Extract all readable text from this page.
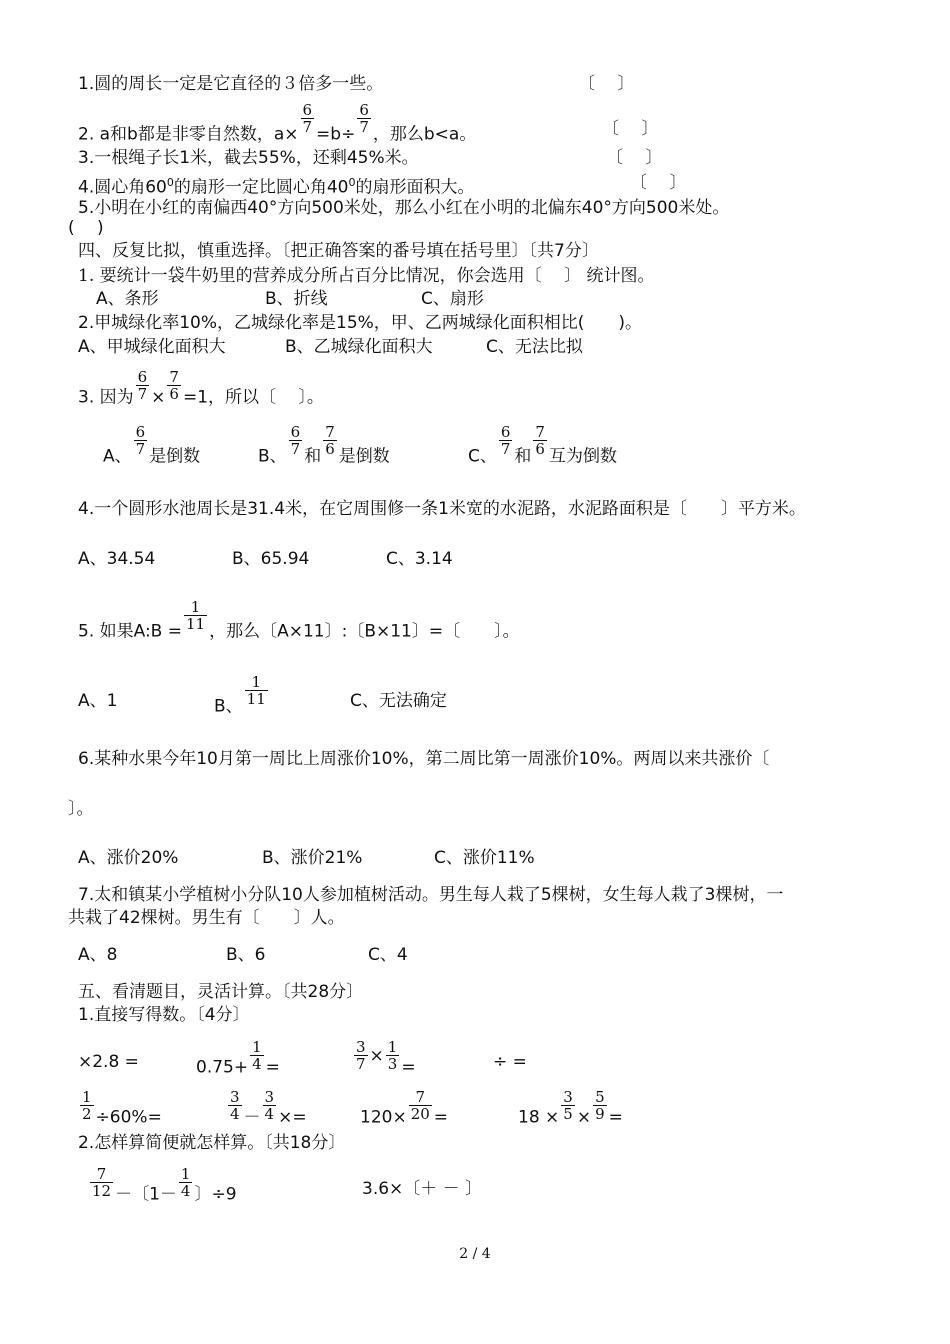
1.圆的周长一定是它直径的３倍多一些。	〔　 〕
2. a和b都是非零自然数，$a\times \frac{6}{7} =b\div \frac{6}{7}$ ，那么b<a。	〔　 〕
3.一根绳子长1米，截去55%，还剩45%米。	〔　 〕
4.圆心角$60^0$的扇形一定比圆心角$40^0$的扇形面积大。	〔　 〕
5.小明在小红的南偏西40°方向500米处，那么小红在小明的北偏东40°方向500米处。
(　 )
四、反复比拟，慎重选择。〔把正确答案的番号填在括号里〕〔共7分〕
1. 要统计一袋牛奶里的营养成分所占百分比情况，你会选用〔　 〕 统计图。
A、条形	B、折线	C、扇形
2.甲城绿化率10%，乙城绿化率是15%，甲、乙两城绿化面积相比(　　)。
A、甲城绿化面积大	B、乙城绿化面积大	C、无法比拟
3. 因为 $\frac{6}{7} \times \frac{7}{6} =1$，所以〔　 〕。
A、 $\frac{6}{7}$ 是倒数	B、 $\frac{6}{7}$ 和 $\frac{7}{6}$ 是倒数	C、 $\frac{6}{7}$ 和 $\frac{7}{6}$ 互为倒数
4.一个圆形水池周长是31.4米，在它周围修一条1米宽的水泥路，水泥路面积是〔　　〕平方米。
A、34.54	B、65.94	C、3.14
5. 如果A:B = $\frac{1}{11}$ ，那么〔A×11〕:〔B×11〕=〔　　〕。
A、1	B、 $\frac{1}{11}$	C、无法确定
6.某种水果今年10月第一周比上周涨价10%，第二周比第一周涨价10%。两周以来共涨价〔
〕。
A、涨价20%	B、涨价21%	C、涨价11%
7.太和镇某小学植树小分队10人参加植树活动。男生每人栽了5棵树，女生每人栽了3棵树，一
共栽了42棵树。男生有〔　　〕人。
A、8	B、6	C、4
五、看清题目，灵活计算。〔共28分〕
1.直接写得数。〔4分〕
×2.8 =	$0.75+ \frac{1}{4}$ =	$\frac{3}{7} \times \frac{1}{3}$ =	÷ =
$\frac{1}{2} \div 60\%=$	$\frac{3}{4} - \frac{3}{4}$ ×=	$120\times \frac{7}{20}$ =	$18 \times \frac{3}{5} \times \frac{5}{9}$ =
2.怎样算简便就怎样算。〔共18分〕
$\frac{7}{12}$ －〔$1- \frac{1}{4}$ 〕÷9	3.6×〔＋ － 〕
2 / 4
